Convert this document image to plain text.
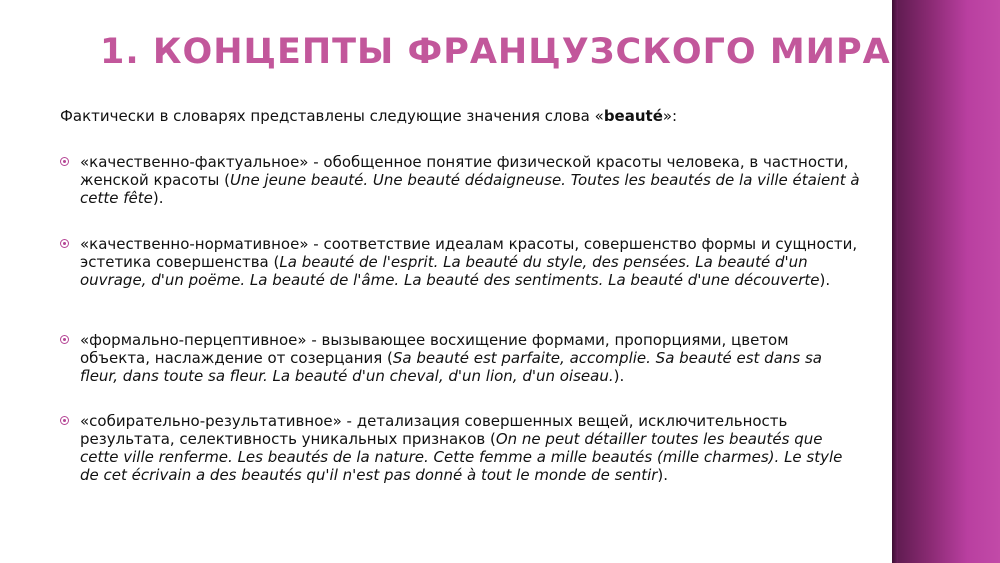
1. КОНЦЕПТЫ ФРАНЦУЗСКОГО МИРА
Фактически в словарях представлены следующие значения слова «beauté»:
«качественно-фактуальное» - обобщенное понятие физической красоты человека, в частности, женской красоты (Une jeune beauté. Une beauté dédaigneuse. Toutes les beautés de la ville étaient à cette fête).
«качественно-нормативное» - соответствие идеалам красоты, совершенство формы и сущности, эстетика совершенства (La beauté de l'esprit. La beauté du style, des pensées. La beauté d'un ouvrage, d'un poëme. La beauté de l'âme. La beauté des sentiments. La beauté d'une découverte).
«формально-перцептивное» - вызывающее восхищение формами, пропорциями, цветом объекта, наслаждение от созерцания (Sa beauté est parfaite, accomplie. Sa beauté est dans sa fleur, dans toute sa fleur. La beauté d'un cheval, d'un lion, d'un oiseau.).
«собирательно-результативное» - детализация совершенных вещей, исключительность результата, селективность уникальных признаков (On ne peut détailler toutes les beautés que cette ville renferme. Les beautés de la nature. Cette femme a mille beautés (mille charmes). Le style de cet écrivain a des beautés qu'il n'est pas donné à tout le monde de sentir).
